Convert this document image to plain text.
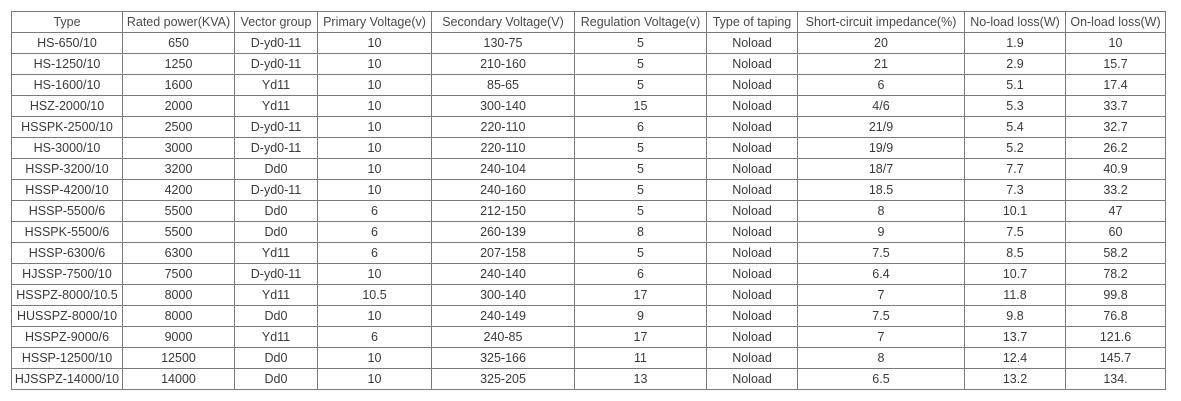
Type	Rated power(KVA)	Vector group	Primary Voltage(v)	Secondary Voltage(V)	Regulation Voltage(v)	Type of taping	Short-circuit impedance(%)	No-load loss(W)	On-load loss(W)
HS-650/10	650	D-yd0-11	10	130-75	5	Noload	20	1.9	10
HS-1250/10	1250	D-yd0-11	10	210-160	5	Noload	21	2.9	15.7
HS-1600/10	1600	Yd11	10	85-65	5	Noload	6	5.1	17.4
HSZ-2000/10	2000	Yd11	10	300-140	15	Noload	4/6	5.3	33.7
HSSPK-2500/10	2500	D-yd0-11	10	220-110	6	Noload	21/9	5.4	32.7
HS-3000/10	3000	D-yd0-11	10	220-110	5	Noload	19/9	5.2	26.2
HSSP-3200/10	3200	Dd0	10	240-104	5	Noload	18/7	7.7	40.9
HSSP-4200/10	4200	D-yd0-11	10	240-160	5	Noload	18.5	7.3	33.2
HSSP-5500/6	5500	Dd0	6	212-150	5	Noload	8	10.1	47
HSSPK-5500/6	5500	Dd0	6	260-139	8	Noload	9	7.5	60
HSSP-6300/6	6300	Yd11	6	207-158	5	Noload	7.5	8.5	58.2
HJSSP-7500/10	7500	D-yd0-11	10	240-140	6	Noload	6.4	10.7	78.2
HSSPZ-8000/10.5	8000	Yd11	10.5	300-140	17	Noload	7	11.8	99.8
HUSSPZ-8000/10	8000	Dd0	10	240-149	9	Noload	7.5	9.8	76.8
HSSPZ-9000/6	9000	Yd11	6	240-85	17	Noload	7	13.7	121.6
HSSP-12500/10	12500	Dd0	10	325-166	11	Noload	8	12.4	145.7
HJSSPZ-14000/10	14000	Dd0	10	325-205	13	Noload	6.5	13.2	134.
